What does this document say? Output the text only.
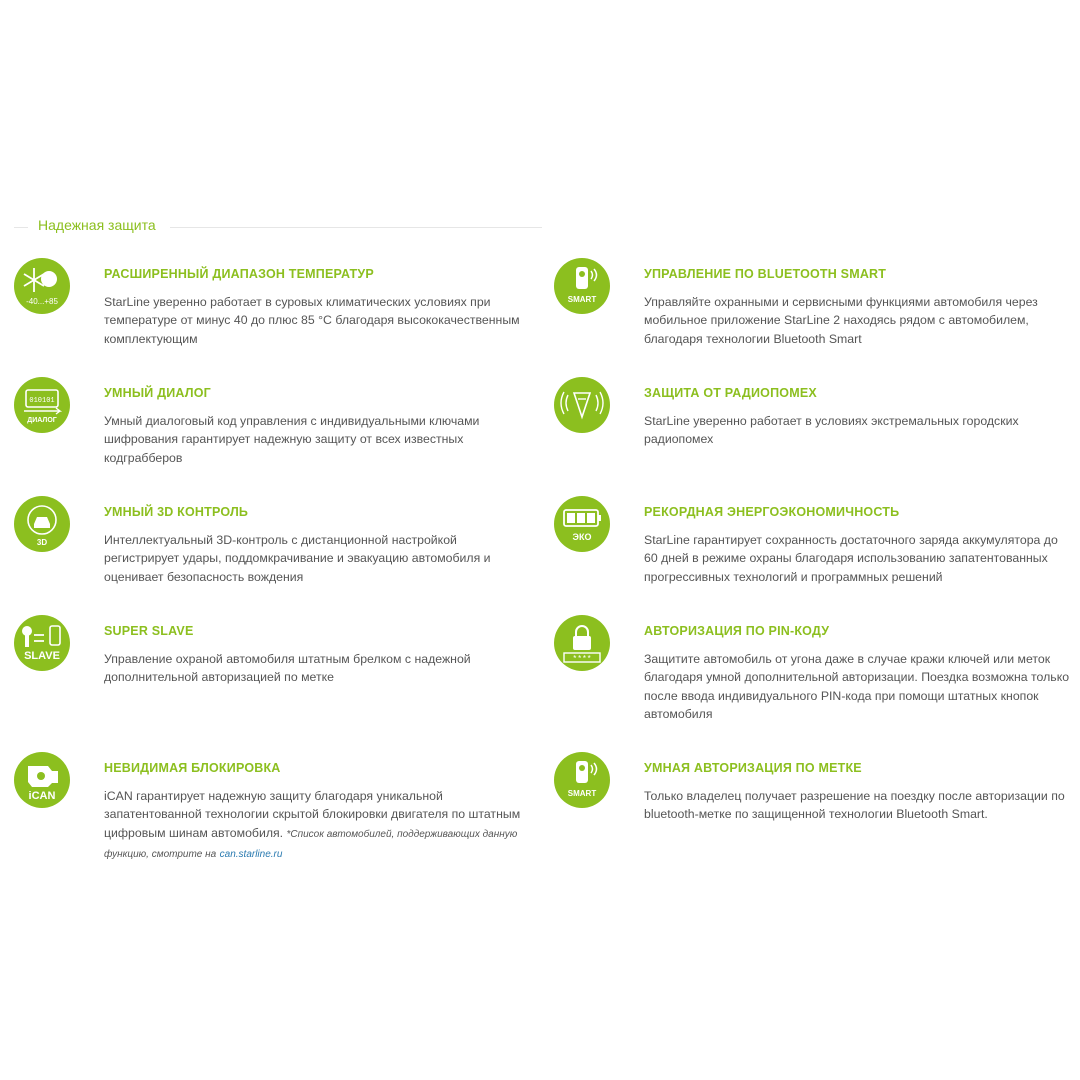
Надежная защита
-40...+85
РАСШИРЕННЫЙ ДИАПАЗОН ТЕМПЕРАТУР
StarLine уверенно работает в суровых климатических условиях при температуре от минус 40 до плюс 85 °С благодаря высококачественным комплектующим
SMART
УПРАВЛЕНИЕ ПО BLUETOOTH SMART
Управляйте охранными и сервисными функциями автомобиля через мобильное приложение StarLine 2 находясь рядом с автомобилем, благодаря технологии Bluetooth Smart
010101
ДИАЛОГ
УМНЫЙ ДИАЛОГ
Умный диалоговый код управления с индивидуальными ключами шифрования гарантирует надежную защиту от всех известных кодграбберов
ЗАЩИТА ОТ РАДИОПОМЕХ
StarLine уверенно работает в условиях экстремальных городских радиопомех
3D
УМНЫЙ 3D КОНТРОЛЬ
Интеллектуальный 3D-контроль с дистанционной настройкой регистрирует удары, поддомкрачивание и эвакуацию автомобиля и оценивает безопасность вождения
ЭКО
РЕКОРДНАЯ ЭНЕРГОЭКОНОМИЧНОСТЬ
StarLine гарантирует сохранность достаточного заряда аккумулятора до 60 дней в режиме охраны благодаря использованию запатентованных прогрессивных технологий и программных решений
SLAVE
SUPER SLAVE
Управление охраной автомобиля штатным брелком с надежной дополнительной авторизацией по метке
****
АВТОРИЗАЦИЯ ПО PIN-КОДУ
Защитите автомобиль от угона даже в случае кражи ключей или меток благодаря умной дополнительной авторизации. Поездка возможна только после ввода индивидуального PIN-кода при помощи штатных кнопок автомобиля
iCAN
НЕВИДИМАЯ БЛОКИРОВКА
iCAN гарантирует надежную защиту благодаря уникальной запатентованной технологии скрытой блокировки двигателя по штатным цифровым шинам автомобиля. *Список автомобилей, поддерживающих данную функцию, смотрите на can.starline.ru
SMART
УМНАЯ АВТОРИЗАЦИЯ ПО МЕТКЕ
Только владелец получает разрешение на поездку после авторизации по bluetooth-метке по защищенной технологии Bluetooth Smart.
